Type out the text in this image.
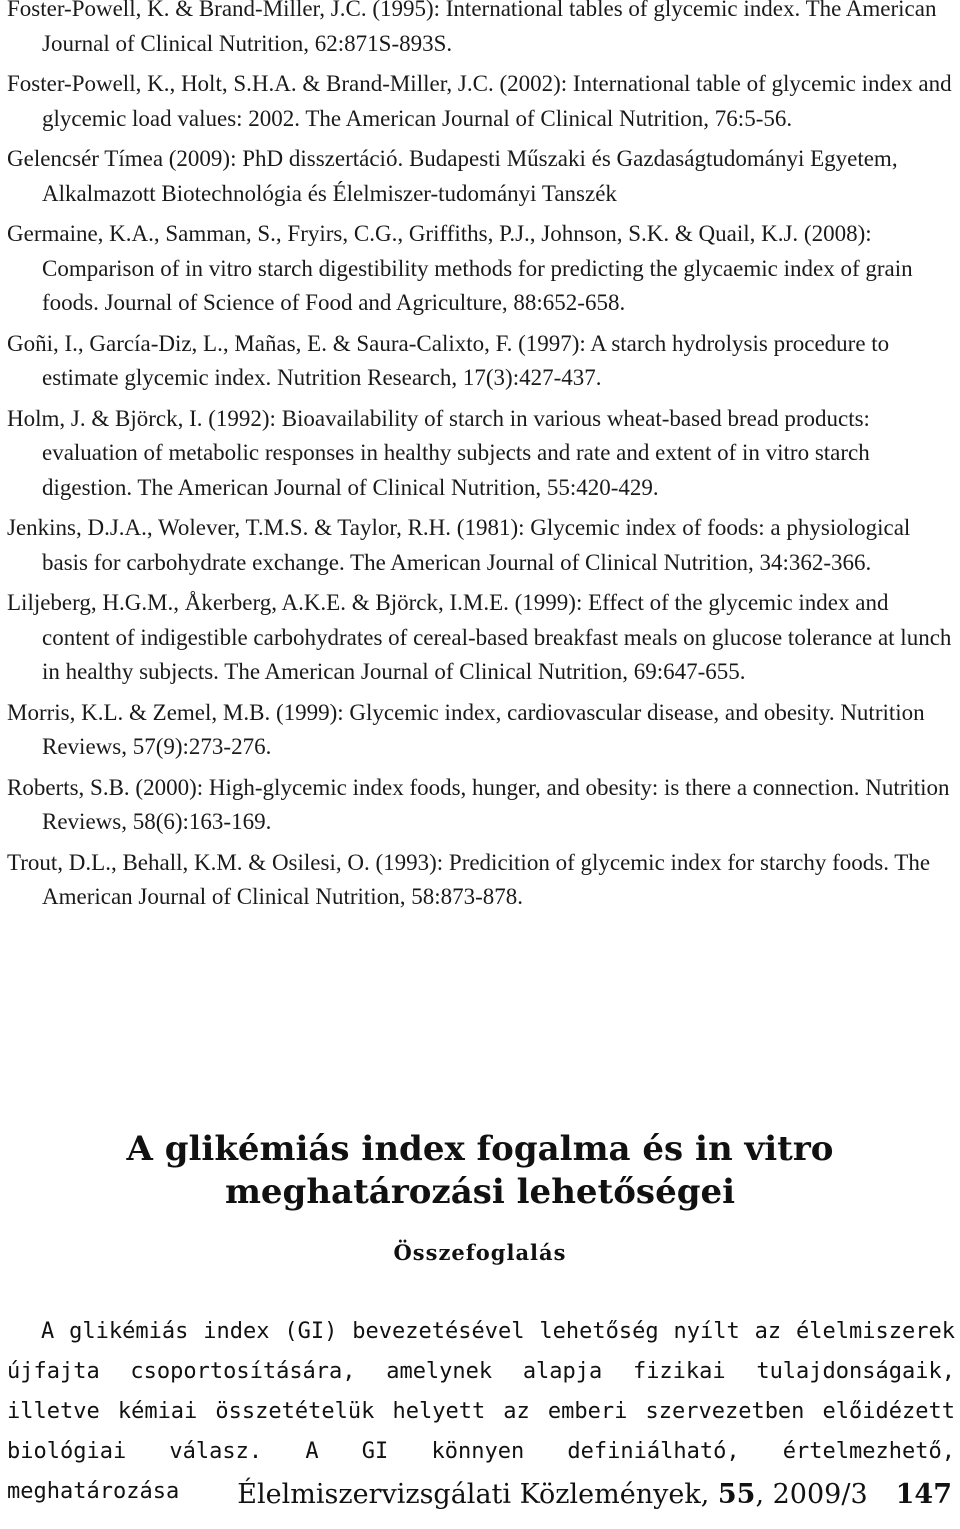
Foster-Powell, K. & Brand-Miller, J.C. (1995): International tables of glycemic index. The American Journal of Clinical Nutrition, 62:871S-893S.

Foster-Powell, K., Holt, S.H.A. & Brand-Miller, J.C. (2002): International table of glycemic index and glycemic load values: 2002. The American Journal of Clinical Nutrition, 76:5-56.

Gelencsér Tímea (2009): PhD disszertáció. Budapesti Műszaki és Gazdaságtudományi Egyetem, Alkalmazott Biotechnológia és Élelmiszer-tudományi Tanszék

Germaine, K.A., Samman, S., Fryirs, C.G., Griffiths, P.J., Johnson, S.K. & Quail, K.J. (2008): Comparison of in vitro starch digestibility methods for predicting the glycaemic index of grain foods. Journal of Science of Food and Agriculture, 88:652-658.

Goñi, I., García-Diz, L., Mañas, E. & Saura-Calixto, F. (1997): A starch hydrolysis procedure to estimate glycemic index. Nutrition Research, 17(3):427-437.

Holm, J. & Björck, I. (1992): Bioavailability of starch in various wheat-based bread products: evaluation of metabolic responses in healthy subjects and rate and extent of in vitro starch digestion. The American Journal of Clinical Nutrition, 55:420-429.

Jenkins, D.J.A., Wolever, T.M.S. & Taylor, R.H. (1981): Glycemic index of foods: a physiological basis for carbohydrate exchange. The American Journal of Clinical Nutrition, 34:362-366.

Liljeberg, H.G.M., Åkerberg, A.K.E. & Björck, I.M.E. (1999): Effect of the glycemic index and content of indigestible carbohydrates of cereal-based breakfast meals on glucose tolerance at lunch in healthy subjects. The American Journal of Clinical Nutrition, 69:647-655.

Morris, K.L. & Zemel, M.B. (1999): Glycemic index, cardiovascular disease, and obesity. Nutrition Reviews, 57(9):273-276.

Roberts, S.B. (2000): High-glycemic index foods, hunger, and obesity: is there a connection. Nutrition Reviews, 58(6):163-169.

Trout, D.L., Behall, K.M. & Osilesi, O. (1993): Predicition of glycemic index for starchy foods. The American Journal of Clinical Nutrition, 58:873-878.

A glikémiás index fogalma és in vitro
meghatározási lehetőségei
Összefoglalás

A glikémiás index (GI) bevezetésével lehetőség nyílt az élelmiszerek újfajta csoportosítására, amelynek alapja fizikai tulajdonságaik, illetve kémiai összetételük helyett az emberi szervezetben előidézett biológiai válasz. A GI könnyen definiálható, értelmezhető, meghatározása	Élelmiszervizsgálati Közlemények, 55, 2009/3 147
